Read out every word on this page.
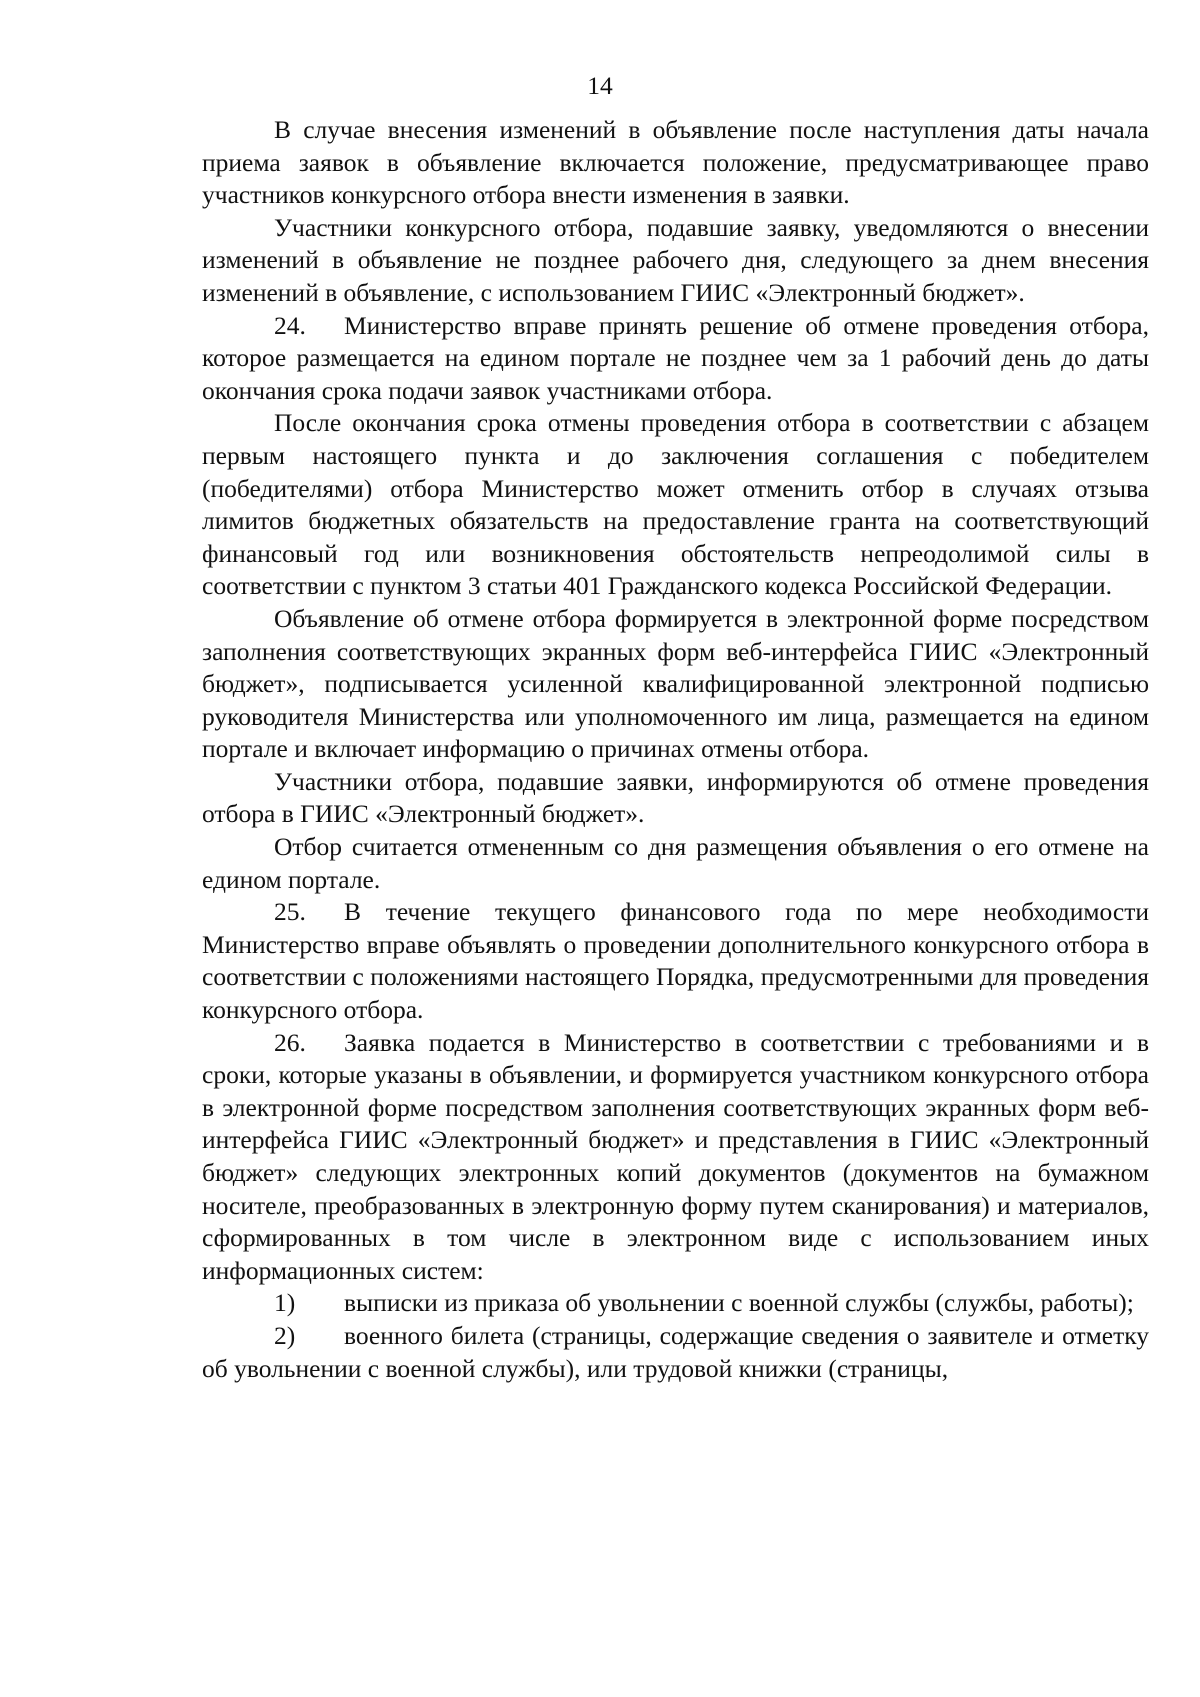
14

В случае внесения изменений в объявление после наступления даты начала приема заявок в объявление включается положение, предусматривающее право участников конкурсного отбора внести изменения в заявки.

Участники конкурсного отбора, подавшие заявку, уведомляются о внесении изменений в объявление не позднее рабочего дня, следующего за днем внесения изменений в объявление, с использованием ГИИС «Электронный бюджет».

24. Министерство вправе принять решение об отмене проведения отбора, которое размещается на едином портале не позднее чем за 1 рабочий день до даты окончания срока подачи заявок участниками отбора.

После окончания срока отмены проведения отбора в соответствии с абзацем первым настоящего пункта и до заключения соглашения с победителем (победителями) отбора Министерство может отменить отбор в случаях отзыва лимитов бюджетных обязательств на предоставление гранта на соответствующий финансовый год или возникновения обстоятельств непреодолимой силы в соответствии с пунктом 3 статьи 401 Гражданского кодекса Российской Федерации.

Объявление об отмене отбора формируется в электронной форме посредством заполнения соответствующих экранных форм веб-интерфейса ГИИС «Электронный бюджет», подписывается усиленной квалифицированной электронной подписью руководителя Министерства или уполномоченного им лица, размещается на едином портале и включает информацию о причинах отмены отбора.

Участники отбора, подавшие заявки, информируются об отмене проведения отбора в ГИИС «Электронный бюджет».

Отбор считается отмененным со дня размещения объявления о его отмене на едином портале.

25. В течение текущего финансового года по мере необходимости Министерство вправе объявлять о проведении дополнительного конкурсного отбора в соответствии с положениями настоящего Порядка, предусмотренными для проведения конкурсного отбора.

26. Заявка подается в Министерство в соответствии с требованиями и в сроки, которые указаны в объявлении, и формируется участником конкурсного отбора в электронной форме посредством заполнения соответствующих экранных форм веб-интерфейса ГИИС «Электронный бюджет» и представления в ГИИС «Электронный бюджет» следующих электронных копий документов (документов на бумажном носителе, преобразованных в электронную форму путем сканирования) и материалов, сформированных в том числе в электронном виде с использованием иных информационных систем:

1) выписки из приказа об увольнении с военной службы (службы, работы);

2) военного билета (страницы, содержащие сведения о заявителе и отметку об увольнении с военной службы), или трудовой книжки (страницы,
